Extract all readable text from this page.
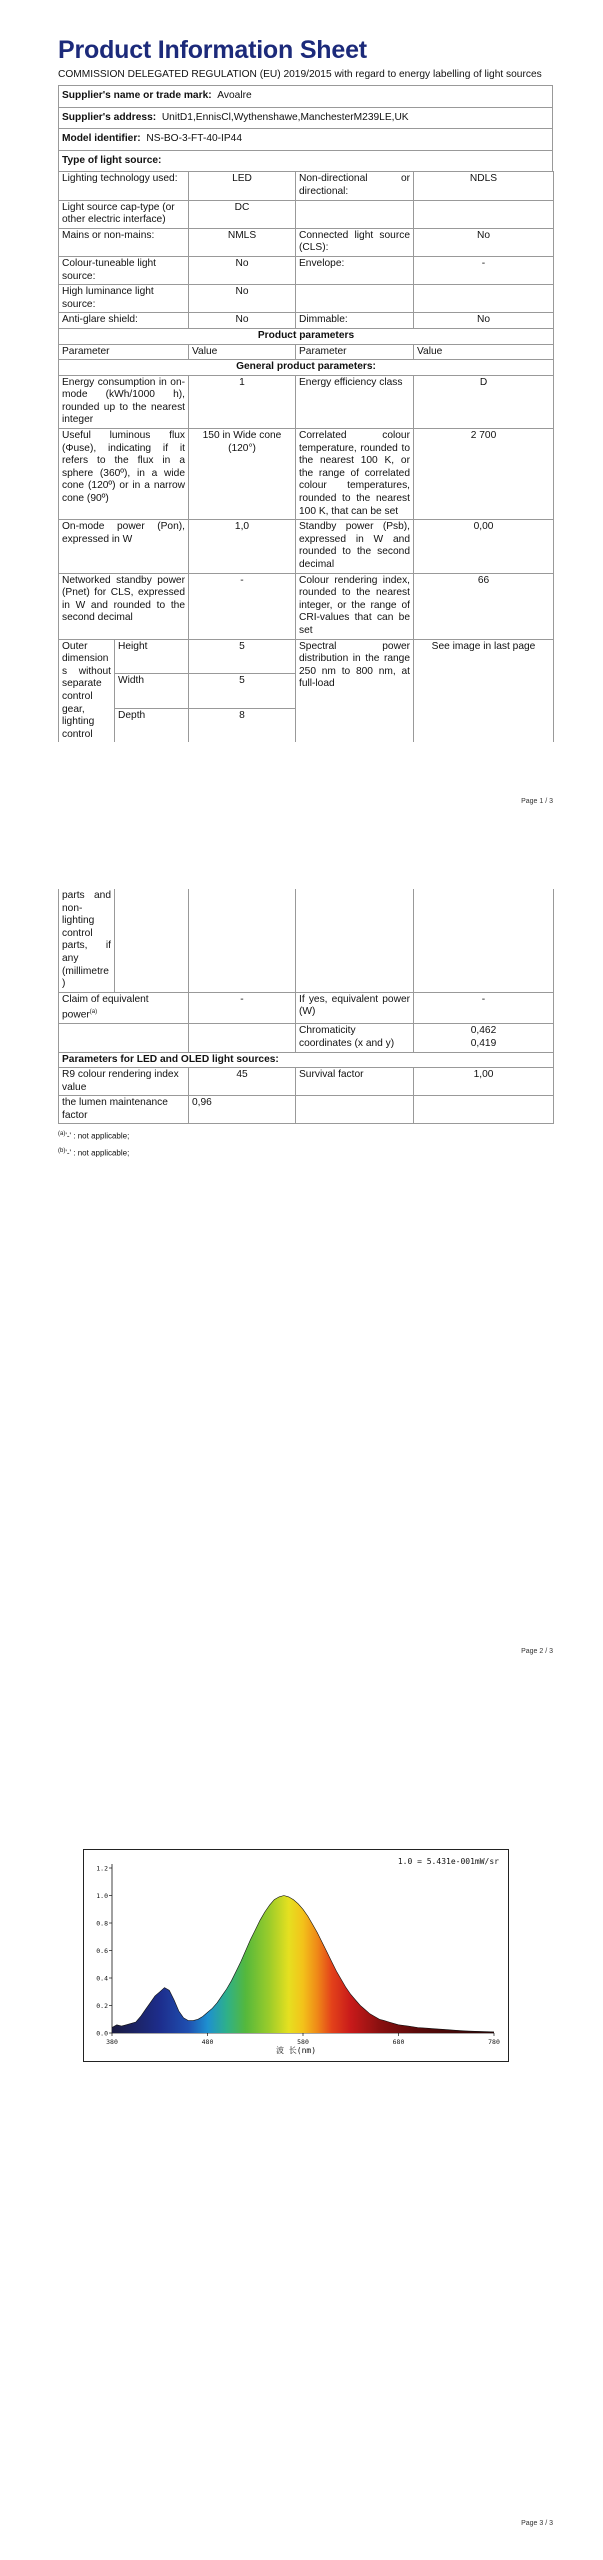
Product Information Sheet
COMMISSION DELEGATED REGULATION (EU) 2019/2015 with regard to energy labelling of light sources
Supplier's name or trade mark: Avoalre
Supplier's address: UnitD1,EnnisCl,Wythenshawe,ManchesterM239LE,UK
Model identifier: NS-BO-3-FT-40-IP44
Type of light source:
Lighting technology used:	LED	Non-directional or directional:	NDLS
Light source cap-type (or other electric interface)	DC		
Mains or non-mains:	NMLS	Connected light source (CLS):	No
Colour-tuneable light source:	No	Envelope:	-
High luminance light source:	No		
Anti-glare shield:	No	Dimmable:	No
Product parameters			
Parameter	Value	Parameter	Value
General product parameters:			
Energy consumption in on-mode (kWh/1000 h), rounded up to the nearest integer	1	Energy efficiency class	D
Useful luminous flux (Φuse), indicating if it refers to the flux in a sphere (360º), in a wide cone (120º) or in a narrow cone (90º)	150 in Wide cone (120°)	Correlated colour temperature, rounded to the nearest 100 K, or the range of correlated colour temperatures, rounded to the nearest 100 K, that can be set	2 700
On-mode power (Pon), expressed in W	1,0	Standby power (Psb), expressed in W and rounded to the second decimal	0,00
Networked standby power (Pnet) for CLS, expressed in W and rounded to the second decimal	-	Colour rendering index, rounded to the nearest integer, or the range of CRI-values that can be set	66
Outer dimensions without separate control gear, lighting control	Height	5	Spectral power distribution in the range 250 nm to 800 nm, at full-load	See image in last page
	Width	5		
	Depth	8		
Page 1 / 3
parts and non-lighting control parts, if any (millimetre)				
Claim of equivalent power$^{(a)}$	-	If yes, equivalent power (W)	-
		Chromaticity coordinates (x and y)	0,462
0,419

Parameters for LED and OLED light sources:			
R9 colour rendering index value	45	Survival factor	1,00
the lumen maintenance factor	0,96		
$^{(a)}$'-' : not applicable;
$^{(b)}$'-' : not applicable;
Page 2 / 3
0.0
0.2
0.4
0.6
0.8
1.0
1.2
380	480	580	680	780
1.0 = 5.431e-001mW/sr
波 长(nm)
Page 3 / 3
